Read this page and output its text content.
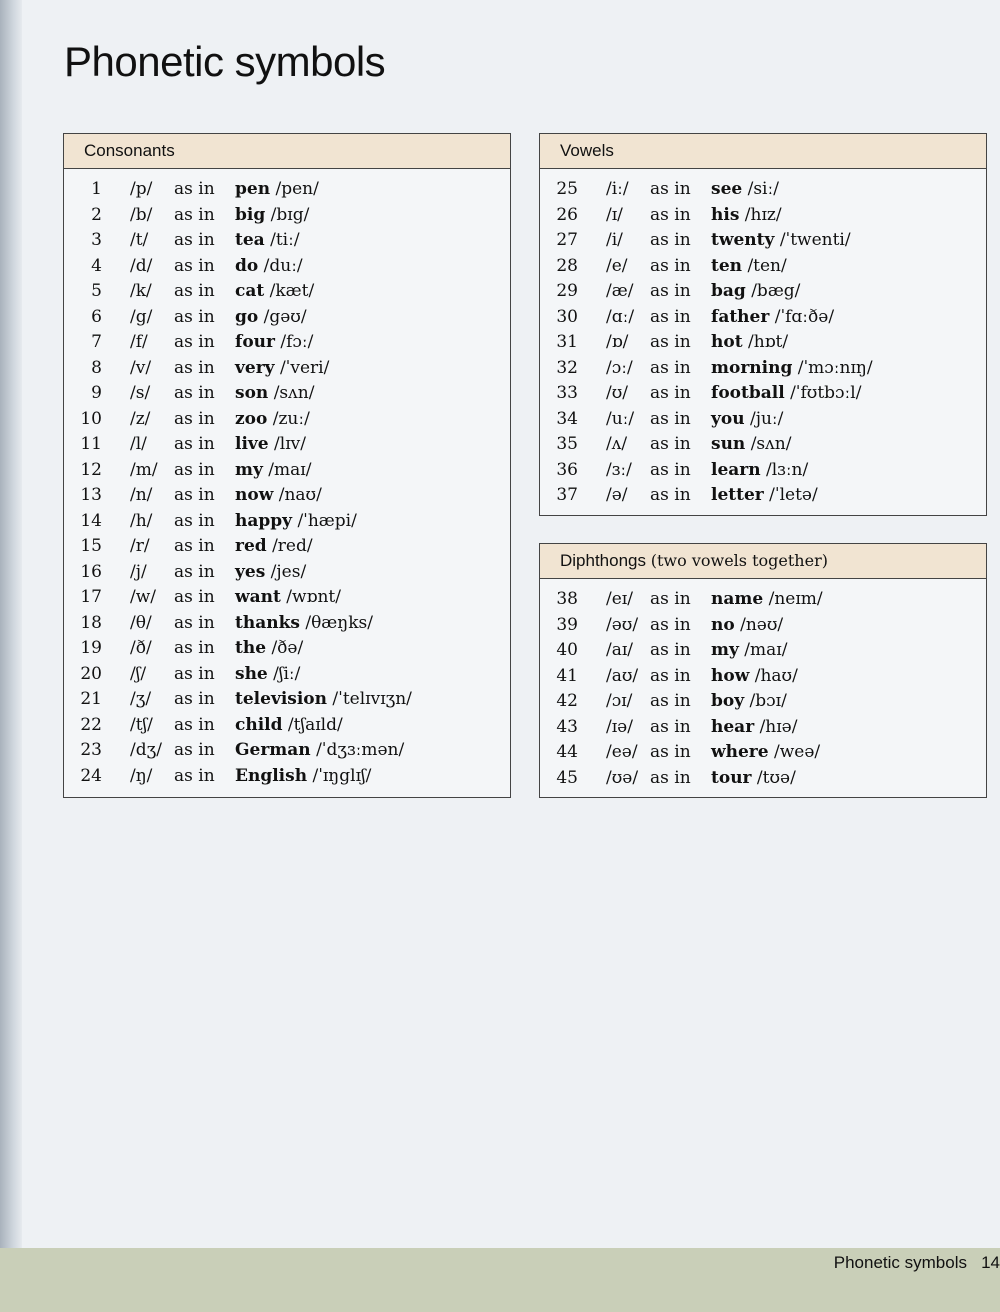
Phonetic symbols
Consonants
1 /p/ as in pen /pen/
2 /b/ as in big /bɪg/
3 /t/ as in tea /tiː/
4 /d/ as in do /duː/
5 /k/ as in cat /kæt/
6 /g/ as in go /gəʊ/
7 /f/ as in four /fɔː/
8 /v/ as in very /ˈveri/
9 /s/ as in son /sʌn/
10 /z/ as in zoo /zuː/
11 /l/ as in live /lɪv/
12 /m/ as in my /maɪ/
13 /n/ as in now /naʊ/
14 /h/ as in happy /ˈhæpi/
15 /r/ as in red /red/
16 /j/ as in yes /jes/
17 /w/ as in want /wɒnt/
18 /θ/ as in thanks /θæŋks/
19 /ð/ as in the /ðə/
20 /ʃ/ as in she /ʃiː/
21 /ʒ/ as in television /ˈtelɪvɪʒn/
22 /tʃ/ as in child /tʃaɪld/
23 /dʒ/ as in German /ˈdʒɜːmən/
24 /ŋ/ as in English /ˈɪŋglɪʃ/
Vowels
25 /iː/ as in see /siː/
26 /ɪ/ as in his /hɪz/
27 /i/ as in twenty /ˈtwenti/
28 /e/ as in ten /ten/
29 /æ/ as in bag /bæg/
30 /ɑː/ as in father /ˈfɑːðə/
31 /ɒ/ as in hot /hɒt/
32 /ɔː/ as in morning /ˈmɔːnɪŋ/
33 /ʊ/ as in football /ˈfʊtbɔːl/
34 /uː/ as in you /juː/
35 /ʌ/ as in sun /sʌn/
36 /ɜː/ as in learn /lɜːn/
37 /ə/ as in letter /ˈletə/
Diphthongs (two vowels together)
38 /eɪ/ as in name /neɪm/
39 /əʊ/ as in no /nəʊ/
40 /aɪ/ as in my /maɪ/
41 /aʊ/ as in how /haʊ/
42 /ɔɪ/ as in boy /bɔɪ/
43 /ɪə/ as in hear /hɪə/
44 /eə/ as in where /weə/
45 /ʊə/ as in tour /tʊə/
Phonetic symbols 14
